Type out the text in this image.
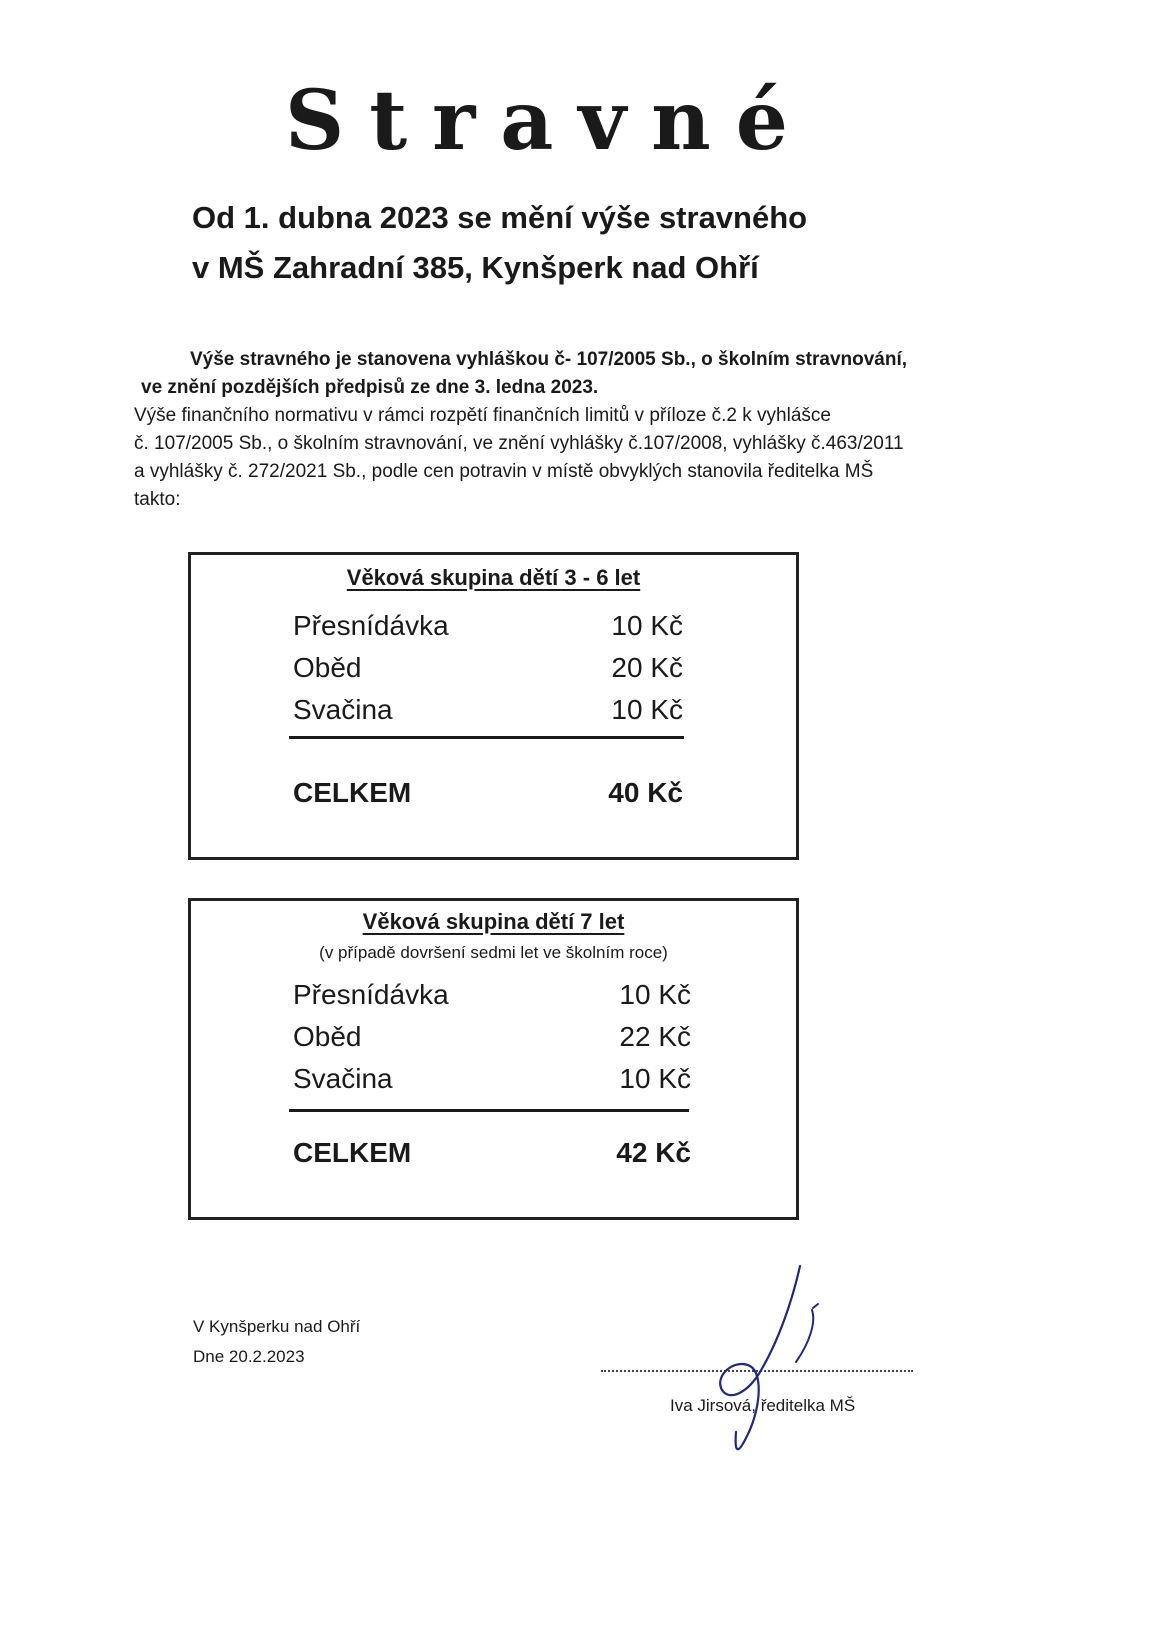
Stravné
Od 1. dubna 2023 se mění výše stravného
v MŠ Zahradní 385, Kynšperk nad Ohří

Výše stravného je stanovena vyhláškou č- 107/2005 Sb., o školním stravnování,

ve znění pozdějších předpisů ze dne 3. ledna 2023.

Výše finančního normativu v rámci rozpětí finančních limitů v příloze č.2 k vyhlášce

č. 107/2005 Sb., o školním stravnování, ve znění vyhlášky č.107/2008, vyhlášky č.463/2011

a vyhlášky č. 272/2021 Sb., podle cen potravin v místě obvyklých stanovila ředitelka MŠ

takto:

Věková skupina dětí 3 - 6 let
Přesnídávka	10 Kč
Oběd	20 Kč
Svačina	10 Kč
CELKEM	40 Kč
Věková skupina dětí 7 let
(v případě dovršení sedmi let ve školním roce)
Přesnídávka	10 Kč
Oběd	22 Kč
Svačina	10 Kč
CELKEM	42 Kč
V Kynšperku nad Ohří
Dne 20.2.2023
Iva Jirsová, ředitelka MŠ
